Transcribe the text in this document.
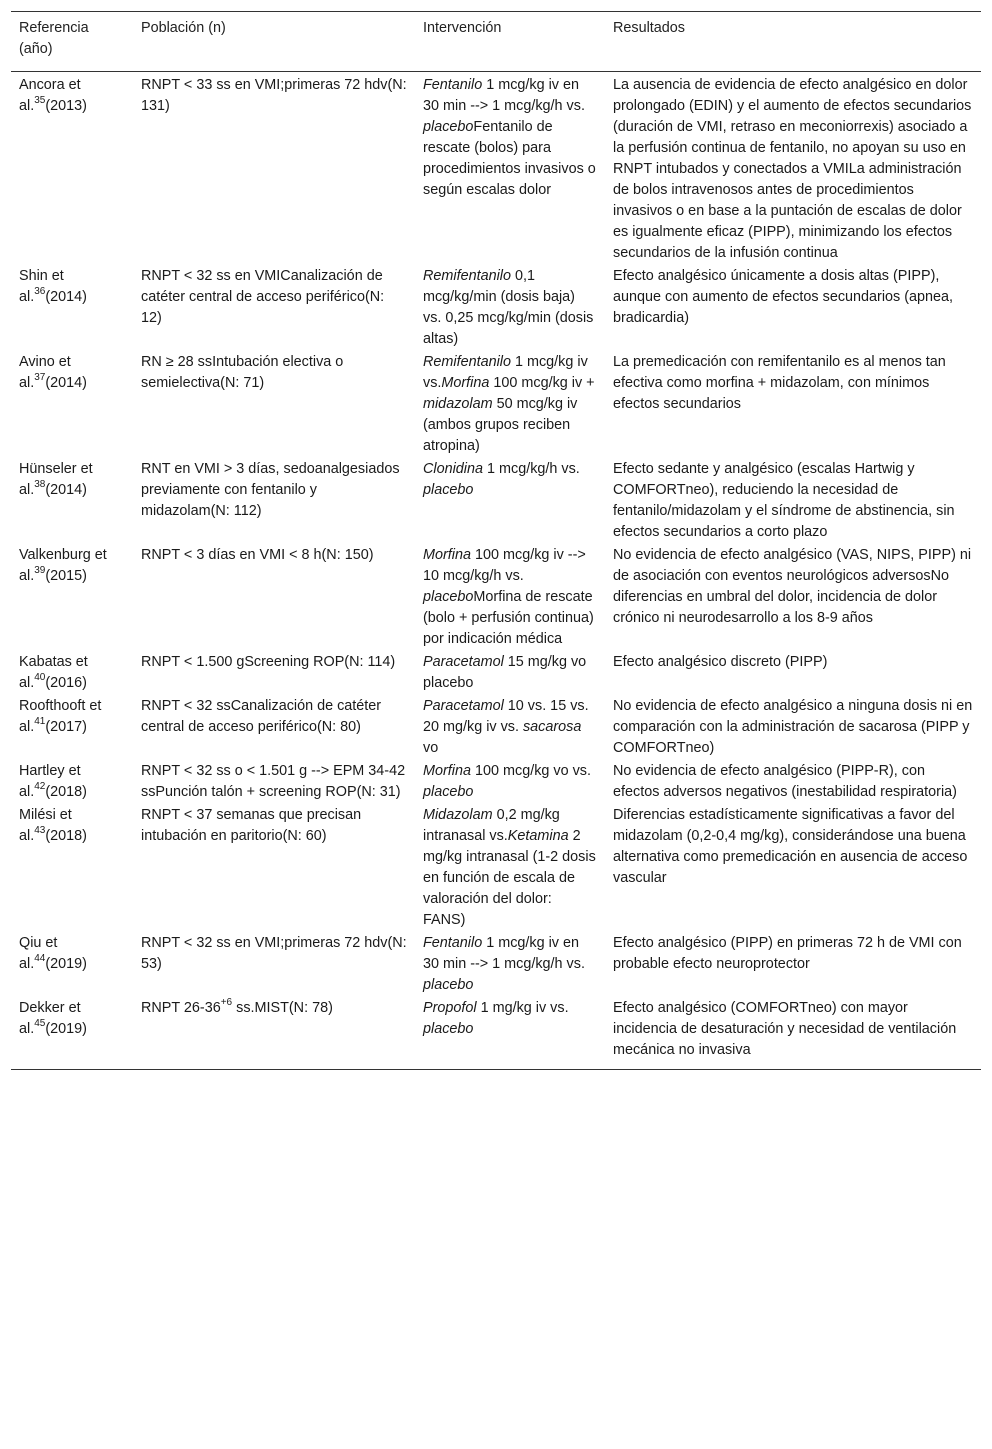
Referencia (año)	Población (n)	Intervención	Resultados
Ancora et al.$^{35}$(2013)	RNPT < 33 ss en VMI;primeras 72 hdv(N: 131)	Fentanilo 1 mcg/kg iv en 30 min --> 1 mcg/kg/h vs. placeboFentanilo de rescate (bolos) para procedimientos invasivos o según escalas dolor	La ausencia de evidencia de efecto analgésico en dolor prolongado (EDIN) y el aumento de efectos secundarios (duración de VMI, retraso en meconiorrexis) asociado a la perfusión continua de fentanilo, no apoyan su uso en RNPT intubados y conectados a VMILa administración de bolos intravenosos antes de procedimientos invasivos o en base a la puntación de escalas de dolor es igualmente eficaz (PIPP), minimizando los efectos secundarios de la infusión continua
Shin et al.$^{36}$(2014)	RNPT < 32 ss en VMICanalización de catéter central de acceso periférico(N: 12)	Remifentanilo 0,1 mcg/kg/min (dosis baja) vs. 0,25 mcg/kg/min (dosis altas)	Efecto analgésico únicamente a dosis altas (PIPP), aunque con aumento de efectos secundarios (apnea, bradicardia)
Avino et al.$^{37}$(2014)	RN ≥ 28 ssIntubación electiva o semielectiva(N: 71)	Remifentanilo 1 mcg/kg iv vs.Morfina 100 mcg/kg iv + midazolam 50 mcg/kg iv (ambos grupos reciben atropina)	La premedicación con remifentanilo es al menos tan efectiva como morfina + midazolam, con mínimos efectos secundarios
Hünseler et al.$^{38}$(2014)	RNT en VMI > 3 días, sedoanalgesiados previamente con fentanilo y midazolam(N: 112)	Clonidina 1 mcg/kg/h vs. placebo	Efecto sedante y analgésico (escalas Hartwig y COMFORTneo), reduciendo la necesidad de fentanilo/midazolam y el síndrome de abstinencia, sin efectos secundarios a corto plazo
Valkenburg et al.$^{39}$(2015)	RNPT < 3 días en VMI < 8 h(N: 150)	Morfina 100 mcg/kg iv --> 10 mcg/kg/h vs. placeboMorfina de rescate (bolo + perfusión continua) por indicación médica	No evidencia de efecto analgésico (VAS, NIPS, PIPP) ni de asociación con eventos neurológicos adversosNo diferencias en umbral del dolor, incidencia de dolor crónico ni neurodesarrollo a los 8-9 años
Kabatas et al.$^{40}$(2016)	RNPT < 1.500 gScreening ROP(N: 114)	Paracetamol 15 mg/kg vo placebo	Efecto analgésico discreto (PIPP)
Roofthooft et al.$^{41}$(2017)	RNPT < 32 ssCanalización de catéter central de acceso periférico(N: 80)	Paracetamol 10 vs. 15 vs. 20 mg/kg iv vs. sacarosa vo	No evidencia de efecto analgésico a ninguna dosis ni en comparación con la administración de sacarosa (PIPP y COMFORTneo)
Hartley et al.$^{42}$(2018)	RNPT < 32 ss o < 1.501 g --> EPM 34-42 ssPunción talón + screening ROP(N: 31)	Morfina 100 mcg/kg vo vs. placebo	No evidencia de efecto analgésico (PIPP-R), con efectos adversos negativos (inestabilidad respiratoria)
Milési et al.$^{43}$(2018)	RNPT < 37 semanas que precisan intubación en paritorio(N: 60)	Midazolam 0,2 mg/kg intranasal vs.Ketamina 2 mg/kg intranasal (1-2 dosis en función de escala de valoración del dolor: FANS)	Diferencias estadísticamente significativas a favor del midazolam (0,2-0,4 mg/kg), considerándose una buena alternativa como premedicación en ausencia de acceso vascular
Qiu et al.$^{44}$(2019)	RNPT < 32 ss en VMI;primeras 72 hdv(N: 53)	Fentanilo 1 mcg/kg iv en 30 min --> 1 mcg/kg/h vs. placebo	Efecto analgésico (PIPP) en primeras 72 h de VMI con probable efecto neuroprotector
Dekker et al.$^{45}$(2019)	RNPT $26-36^{+6}$ ss.MIST(N: 78)	Propofol 1 mg/kg iv vs. placebo	Efecto analgésico (COMFORTneo) con mayor incidencia de desaturación y necesidad de ventilación mecánica no invasiva
